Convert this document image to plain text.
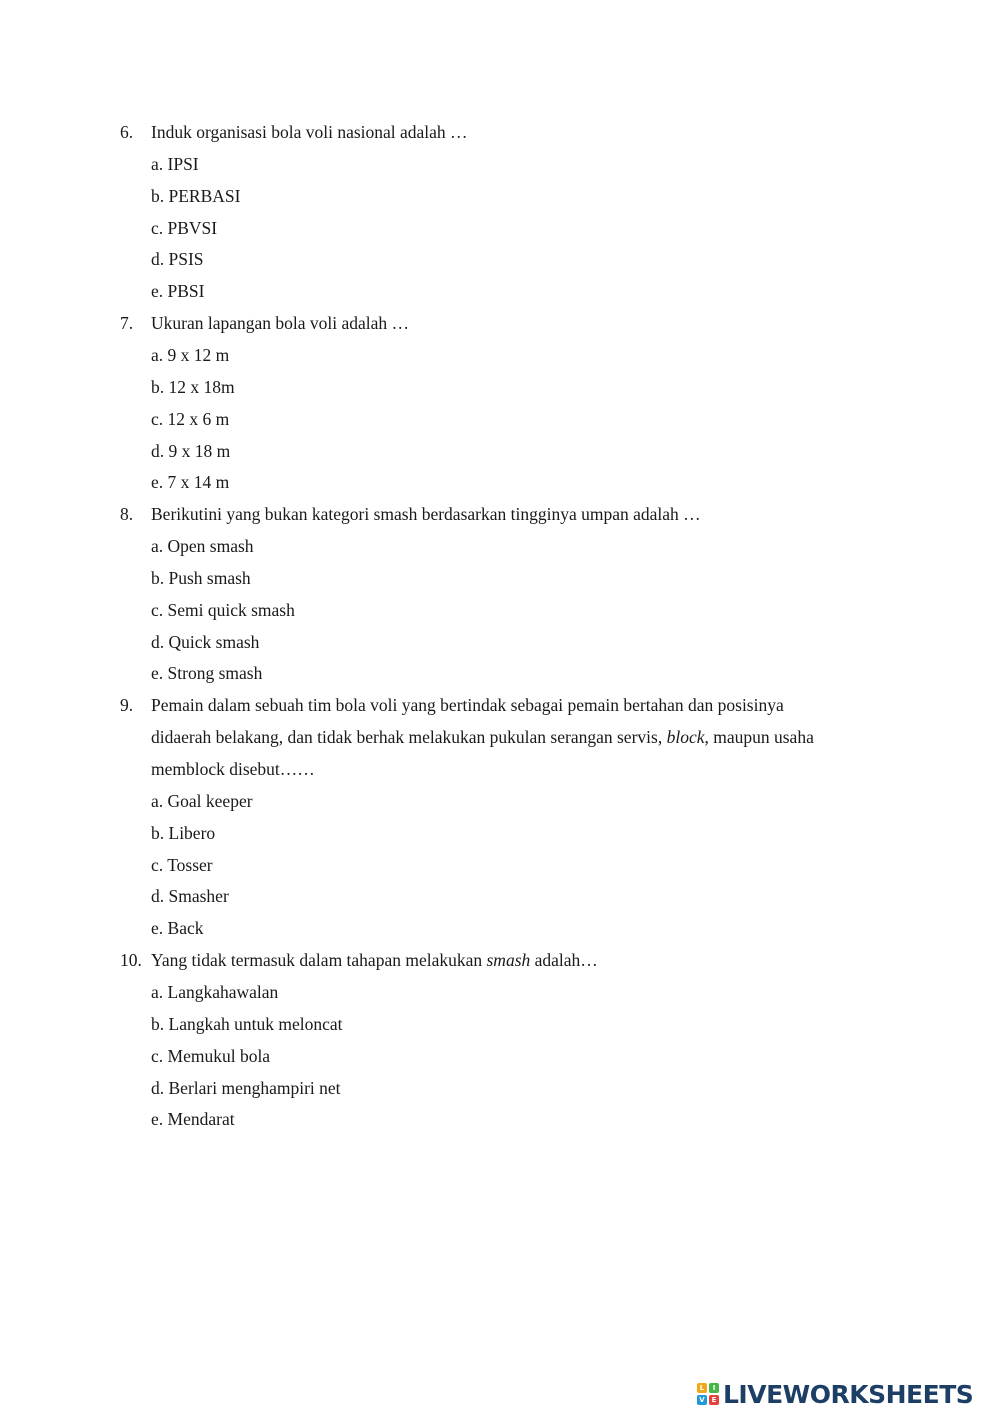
6. Induk organisasi bola voli nasional adalah …
a. IPSI
b. PERBASI
c. PBVSI
d. PSIS
e. PBSI
7. Ukuran lapangan bola voli adalah …
a. 9 x 12 m
b. 12 x 18m
c. 12 x 6 m
d. 9 x 18 m
e. 7 x 14 m
8. Berikutini yang bukan kategori smash berdasarkan tingginya umpan adalah …
a. Open smash
b. Push smash
c. Semi quick smash
d. Quick smash
e. Strong smash
9. Pemain dalam sebuah tim bola voli yang bertindak sebagai pemain bertahan dan posisinya
didaerah belakang, dan tidak berhak melakukan pukulan serangan servis, block, maupun usaha
memblock disebut……
a. Goal keeper
b. Libero
c. Tosser
d. Smasher
e. Back
10. Yang tidak termasuk dalam tahapan melakukan smash adalah…
a. Langkahawalan
b. Langkah untuk meloncat
c. Memukul bola
d. Berlari menghampiri net
e. Mendarat
L	I
V E LIVEWORKSHEETS
